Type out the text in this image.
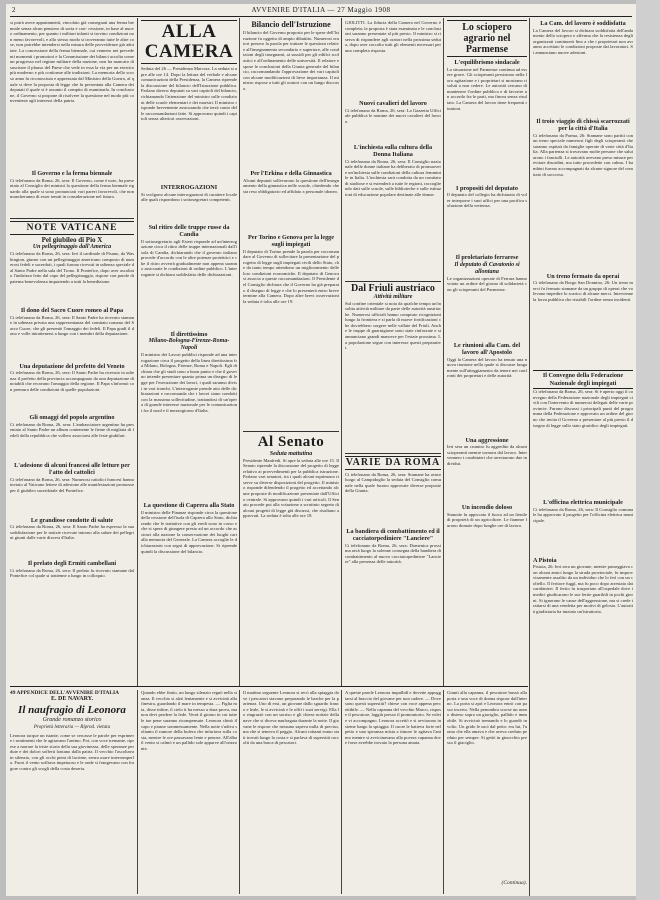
2	AVVENIRE D'ITALIA — 27 Maggio 1908
si potrà avere appartamenti, vincolato già consegnati una ferma biennale senza alcun pensiero di sorta e con- cessione, in base al nuovo ordinamento, per quanto i militari infanti si trovino condizioni non meno favorevoli, e allo stesso modo si troveranno tutte le altre cose, non potrebbe intendersi nella misura delle provvidenze già adottate. La concessione della ferma biennale, cui vennero nei precedenti momenti i promotori e la Commissione dei bilanci accolta come un progresso nel regime militare della nazione, non ha mancato di suscitare il plauso del Paese che vede in essa la via per un esercito più moderno e più conforme alle tradizioni. La memoria dello scorso anno fu riconosciuta e apprezzata dal Ministro della Guerra, al quale si deve la proposta di legge che fu presentata alla Camera dei deputati il quale si è assunto il compito di esaminarla. In conclusione, il Governo si propone di risolvere la questione nel modo più conveniente agli interessi della patria.
Il Governo e la ferma biennale
Ci telefonano da Roma, 26, sera: Il Governo, come è noto, ha presentato al Consiglio dei ministri la questione della ferma biennale riguardo alla quale si sono pronunciati vari pareri favorevoli, che non mancheranno di esser tenuti in considerazione nel futuro.
NOTE VATICANE
Pel giubileo di Pio X
Un pellegrinaggio dall'America
Ci telefonano da Roma, 26, sera: Ieri il cardinale di Pisano, da Washington, giunse con un pellegrinaggio americano composto di numerosi fedeli e sacerdoti, i quali furono ricevuti in udienza speciale dal Santo Padre nella sala del Trono. Il Pontefice, dopo aver ascoltato l'indirizzo letto dal capo del pellegrinaggio, rispose con parole di paterna benevolenza impartendo a tutti la benedizione.
Il dono del Sacro Cuore romeo al Papa
Ci telefonano da Roma, 26, sera: Il Santo Padre ha ricevuto stamane in udienza privata una rappresentanza del comitato romano del Sacro Cuore, che gli presentò l'omaggio dei fedeli. Il Papa gradì il dono e volle intrattenersi a lungo con i membri della deputazione.
Una deputazione del prefetto del Veneto
Ci telefonano da Roma, 26, sera: Il Santo Padre ha ricevuto in udienza il prefetto della provincia accompagnato da una deputazione di notabili che recavano l'omaggio della regione. Il Papa s'informò con premura delle condizioni di quelle popolazioni.
Gli omaggi del popolo argentino
Ci telefonano da Roma, 26, sera: L'ambasciatore argentino ha presentato al Santo Padre un album contenente le firme di migliaia di fedeli della repubblica che vollero associarsi alle feste giubilari.
L'adesione di alcuni francesi alle letture per l'atto del cattolici
Ci telefonano da Roma, 26, sera: Numerosi cattolici francesi hanno inviato al Vaticano lettere di adesione alle manifestazioni promosse per il giubileo sacerdotale del Pontefice.
Le grandiose condotte di salute
Ci telefonano da Roma, 26, sera: Il Santo Padre ha espresso la sua soddisfazione per le notizie ricevute intorno alla salute dei pellegrini giunti dalle varie diocesi d'Italia.
Il prelato degli Ermiti cambellani
Ci telefonano da Roma, 26, sera: Il prelato fu ricevuto stamane dal Pontefice col quale si trattenne a lungo in colloquio.
ALLA CAMERA
Seduta del 26 — Presidenza Marcora. La seduta si apre alle ore 14. Dopo la lettura del verbale e alcune comunicazioni della Presidenza, la Camera riprende la discussione del bilancio dell'Istruzione pubblica. Parlano diversi deputati su vari capitoli del bilancio, richiamando l'attenzione del ministro sulle condizioni delle scuole elementari e dei maestri. Il ministro risponde brevemente assicurando che terrà conto delle raccomandazioni fatte. Si approvano quindi i capitoli senza ulteriori osservazioni.
INTERROGAZIONI
Si svolgono alcune interrogazioni di carattere locale alle quali rispondono i sottosegretari competenti.
Sul ritiro delle truppe russe da Candia
Il sottosegretario agli Esteri risponde ad un'interrogazione circa il ritiro delle truppe internazionali dall'isola di Candia, dichiarando che il governo italiano procede d'accordo con le altre potenze protettrici e che il ritiro avverrà gradualmente non appena saranno assicurate le condizioni di ordine pubblico. L'interrogante si dichiara soddisfatto delle dichiarazioni.
Il direttissimo
Milano-Bologna-Firenze-Roma-Napoli
Il ministro dei Lavori pubblici risponde ad una interrogazione circa il progetto della linea direttissima fra Milano, Bologna, Firenze, Roma e Napoli. Egli dichiara che gli studi sono a buon punto e che il governo intende presentare quanto prima un disegno di legge per l'esecuzione dei lavori, i quali saranno divisi in vari tronchi. L'interrogante prende atto delle dichiarazioni e raccomanda che i lavori siano condotti con la massima sollecitudine, trattandosi di un'opera di grande interesse nazionale per le comunicazioni fra il nord e il mezzogiorno d'Italia.
La questione di Caprera alla Stato
Il ministro delle Finanze risponde circa la questione della cessione dell'isola di Caprera allo Stato, dichiarando che le trattative con gli eredi sono in corso e che si spera di giungere presto ad un accordo che assicuri alla nazione la conservazione dei luoghi cari alla memoria del Generale. La Camera accoglie le dichiarazioni con segni di approvazione. Si riprende quindi la discussione del bilancio.
Bilancio dell'Istruzione
Il bilancio del Governo proposto per le spese dell'Istruzione fu oggetto di ampio dibattito. Numerosi oratori presero la parola per trattare le questioni relative all'insegnamento secondario e superiore, alle condizioni degli insegnanti, ai sussidi per gli edifici scolastici e all'ordinamento delle università. Il relatore espose le conclusioni della Giunta generale del bilancio, raccomandando l'approvazione dei vari capitoli con alcune modificazioni di lieve importanza. Il ministro rispose a tutti gli oratori con un lungo discorso.
Per l'Erkina e della Ginnastica
Alcuni deputati sollevarono la questione dell'insegnamento della ginnastica nelle scuole, chiedendo che sia reso obbligatorio ed affidato a personale idoneo.
Per Torino e Genova per la legge sugli impiegati
Il deputato di Torino prende la parola per raccomandare al Governo di sollecitare la presentazione del progetto di legge sugli impiegati civili dello Stato, che da tanto tempo attendono un miglioramento delle loro condizioni economiche. Il deputato di Genova si associa a queste raccomandazioni. Il Presidente del Consiglio dichiara che il Governo ha già preparato il disegno di legge e che lo presenterà entro breve termine alla Camera. Dopo altre brevi osservazioni la seduta è tolta alle ore 19.
Al Senato
Seduta mattutina
Presidente Manfredi. Si apre la seduta alle ore 15. Il Senato riprende la discussione del progetto di legge relativo ai provvedimenti per la pubblica istruzione. Parlano vari senatori, tra i quali alcuni esprimono riserve su diverse disposizioni del progetto. Il ministro risponde difendendo il progetto ed accettando alcune proposte di modificazione presentate dall'Ufficio centrale. Si approvano quindi i vari articoli. Il Senato procede poi alla votazione a scrutinio segreto di alcuni progetti di legge già discussi, che risultano approvati. La seduta è tolta alle ore 18.
GIOLITTI. La fiducia della Camera nel Governo è completa; la proposta è stata esaminata e le conclusioni saranno presentate al più presto. Il ministro si riserva di rispondere agli oratori nella prossima seduta, dopo aver raccolto tutti gli elementi necessari per una completa risposta.
Nuovi cavalieri del lavoro
Ci telefonano da Roma, 26, sera: La Gazzetta Ufficiale pubblica le nomine dei nuovi cavalieri del lavoro.
L'inchiesta sulla cultura della Donna Italiana
Ci telefonano da Roma, 26, sera: Il Consiglio nazionale delle donne italiane ha deliberato di promuovere un'inchiesta sulle condizioni della cultura femminile in Italia. L'inchiesta sarà condotta da un comitato di studiose e si estenderà a tutte le regioni, raccogliendo dati sulle scuole, sulle biblioteche e sulle istituzioni di educazione popolare destinate alle donne.
Dal Friuli austriaco
Attività militare
Sul confine orientale si nota da qualche tempo un'insolita attività militare da parte delle autorità austriache. Numerosi ufficiali hanno compiuto ricognizioni lungo la frontiera e si parla di nuove fortificazioni che dovrebbero sorgere nelle vallate del Friuli. Anche le truppe di guarnigione sono state rinforzate e si annunciano grandi manovre per l'estate prossima. La popolazione segue con interesse questi preparativi.
VARIE DA ROMA
Ci telefonano da Roma, 26, sera: Stamane ha avuto luogo al Campidoglio la seduta del Consiglio comunale nella quale furono approvate diverse proposte della Giunta.
La bandiera di combattimento ed il cacciatorpediniere "Lanciere"
Ci telefonano da Roma, 26, sera: Domenica prossima avrà luogo la solenne consegna della bandiera di combattimento al nuovo cacciatorpediniere "Lanciere" alla presenza delle autorità.
Lo sciopero agrario nel Parmense
L'equilibrismo sindacale
La situazione nel Parmense continua ad essere grave. Gli scioperanti persistono nella loro agitazione e i proprietari si mostrano risoluti a non cedere. Le autorità cercano di mantenere l'ordine pubblico e di favorire un accordo fra le parti, ma finora senza risultato. La Camera del lavoro tiene frequenti riunioni.
I propositi del deputato
Il deputato del collegio ha dichiarato di voler interporre i suoi uffici per una pacifica soluzione della vertenza.
Il proletariato ferrarese
Il deputato di Cavatonio si allontana
Le organizzazioni operaie di Ferrara hanno votato un ordine del giorno di solidarietà con gli scioperanti del Parmense.
Le riunioni alla Cam. del lavoro all'Apostolo
Oggi la Camera del lavoro ha tenuto una nuova riunione nella quale si discusse lungamente sull'atteggiamento da tenere nei confronti dei proprietari e delle autorità.
Una aggressione
Ieri sera un crumiro fu aggredito da alcuni scioperanti mentre tornava dal lavoro. Intervennero i carabinieri che arrestarono due individui.
Un incendio doloso
Stanotte fu appiccato il fuoco ad un fienile di proprietà di un agricoltore. Le fiamme furono domate dopo lunghe ore di lavoro.
La Cam. del lavoro è soddisfatta
La Camera del lavoro si dichiara soddisfatta dell'andamento dello sciopero e afferma che la resistenza degli organizzati continuerà fino a che i proprietari non avranno accettato le condizioni proposte dai lavoratori. Si annunciano nuove adesioni.
Il troio viaggio di chissà scarrozzati per la città d'Italia
Ci telefonano da Parma, 26: Stamane sono partiti con un treno speciale numerosi figli degli scioperanti che saranno ospitati da famiglie operaie di varie città d'Italia. Alla partenza si trovavano molte persone che salutarono i fanciulli. Le autorità avevano preso misure per evitare disordini, ma tutto procedette con calma. I bambini furono accompagnati da alcune signore del comitato di soccorso.
Un treno fermato da operai
Ci telefonano da Borgo San Donnino, 26: Un treno merci fu fermato stamane da un gruppo di operai che volevano impedire lo scarico di alcune merci. Intervenne la forza pubblica che ristabilì l'ordine senza incidenti.
Il Convegno della Federazione Nazionale degli impiegati
Ci telefonano da Roma, 26, sera: Si è aperto oggi il convegno della Federazione nazionale degli impiegati civili con l'intervento di numerosi delegati delle varie provincie. Furono discussi i principali punti del programma della Federazione e approvato un ordine del giorno che invita il Governo a presentare al più presto il disegno di legge sullo stato giuridico degli impiegati.
L'officina elettrica municipale
Ci telefonano da Roma, 26, sera: Il Consiglio comunale ha approvato il progetto per l'officina elettrica municipale.
A Pistoia
Pistoia, 26: Ieri sera un giovane, mentre passeggiava con alcuni amici lungo la strada provinciale, fu improvvisamente assalito da un individuo che lo ferì con un coltello. Il feritore fuggì, ma fu poco dopo arrestato dai carabinieri. Il ferito fu trasportato all'ospedale dove i medici giudicarono le sue ferite guaribili in pochi giorni. Si ignorano le cause dell'aggressione, ma si crede trattarsi di una vendetta per motivi di gelosia. L'autorità giudiziaria ha iniziato un'istruttoria.
49 APPENDICE DELL'AVVENIRE D'ITALIA
E. DE NAVARY.
Il naufragio di Leonora
Grande romanzo storico
Proprietà letteraria — Riprod. vietata
Leonora tacque un istante, come se cercasse le parole per esprimere i sentimenti che le agitavano l'animo. Poi, con voce tremante, riprese a narrare la triste storia della sua giovinezza, delle speranze perdute e dei dolori sofferti lontano dalla patria. Il vecchio l'ascoltava in silenzio, con gli occhi pieni di lacrime, senza osare interromperla. Fuori il vento soffiava impetuoso e le onde si frangevano con fragore contro gli scogli della costa deserta.
Quando ebbe finito, un lungo silenzio regnò nella stanza. Il vecchio si alzò lentamente e si avvicinò alla finestra, guardando il mare in tempesta. — Figlia mia, disse infine, il cielo ti ha messo a dura prova, ma non devi perdere la fede. Verrà il giorno in cui tutte le tue pene saranno ricompensate. Leonora chinò il capo e pianse sommessamente. Nella notte s'udiva soltanto il rumore della bufera che infuriava sulla costa, mentre le ore passavano lente e penose. All'alba il vento si calmò e un pallido sole apparve all'orizzonte.
Il mattino seguente Leonora si recò alla spiaggia dove i pescatori stavano preparando le barche per la partenza. Uno di essi, un giovane dallo sguardo franco e leale, le si avvicinò e le offrì i suoi servigi. Ella lo ringraziò con un sorriso e gli chiese notizie della nave che si diceva naufragata durante la notte. Il giovane le rispose che nessuno sapeva nulla di preciso, ma che si temeva il peggio. Alcuni rottami erano stati trovati lungo la costa e si parlava di superstiti raccolti da una barca di pescatori.
A queste parole Leonora impallidì e dovette appoggiarsi al braccio del giovane per non cadere. — Dove sono questi superstiti? chiese con voce appena percettibile. — Nella capanna del vecchio Marco, rispose il pescatore, laggiù presso il promontorio. Se volete vi accompagno. Leonora accettò e si avviarono insieme lungo la spiaggia. Il cuore le batteva forte nel petto e una speranza mista a timore le agitava l'animo mentre si avvicinavano alla povera capanna dove forse avrebbe trovato la persona amata.
Giunti alla capanna, il pescatore bussò alla porta e una voce di donna rispose dall'interno. La porta si aprì e Leonora entrò con passo incerto. Nella penombra scorse un uomo disteso sopra un giaciglio, pallido e immobile. Si avvicinò tremando e lo guardò in volto. Un grido le uscì dal petto: era lui, l'uomo che ella amava e che aveva creduto perduto per sempre. Si gettò in ginocchio presso il giaciglio.
(Continua).
